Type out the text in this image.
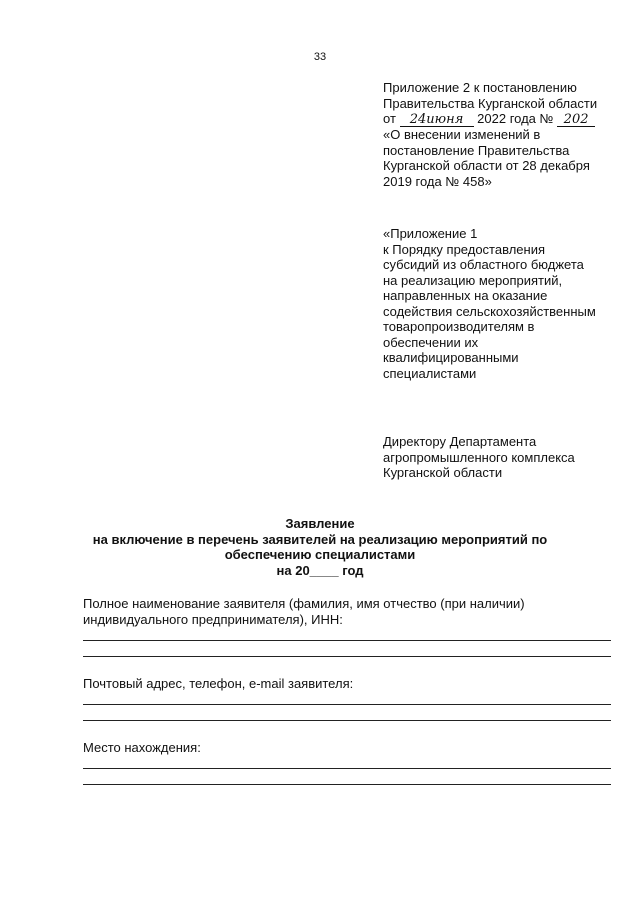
33
Приложение 2 к постановлению
Правительства Курганской области
от 24июня 2022 года № 202
«О внесении изменений в
постановление Правительства
Курганской области от 28 декабря
2019 года № 458»
«Приложение 1
к Порядку предоставления
субсидий из областного бюджета
на реализацию мероприятий,
направленных на оказание
содействия сельскохозяйственным
товаропроизводителям в
обеспечении их
квалифицированными
специалистами
Директору Департамента
агропромышленного комплекса
Курганской области
Заявление
на включение в перечень заявителей на реализацию мероприятий по
обеспечению специалистами
на 20____ год
Полное наименование заявителя (фамилия, имя отчество (при наличии)
индивидуального предпринимателя), ИНН:
Почтовый адрес, телефон, e-mail заявителя:
Место нахождения:
